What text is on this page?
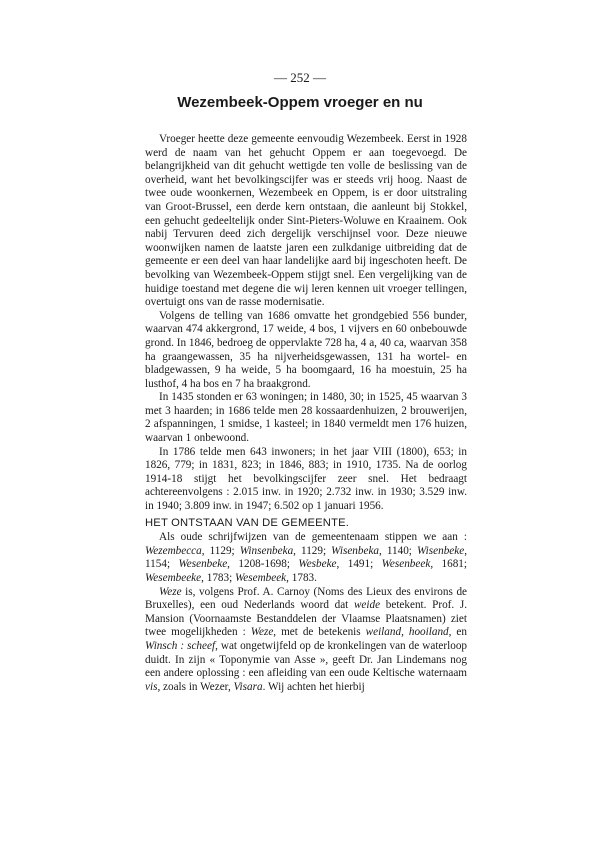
— 252 —
Wezembeek-Oppem vroeger en nu

Vroeger heette deze gemeente eenvoudig Wezembeek. Eerst in 1928 werd de naam van het gehucht Oppem er aan toegevoegd. De belangrijkheid van dit gehucht wettigde ten volle de beslissing van de overheid, want het bevolkingscijfer was er steeds vrij hoog. Naast de twee oude woonkernen, Wezembeek en Oppem, is er door uitstraling van Groot-Brussel, een derde kern ontstaan, die aanleunt bij Stokkel, een gehucht gedeeltelijk onder Sint-Pieters-Woluwe en Kraainem. Ook nabij Tervuren deed zich dergelijk verschijnsel voor. Deze nieuwe woonwijken namen de laatste jaren een zulkdanige uitbreiding dat de gemeente er een deel van haar landelijke aard bij ingeschoten heeft. De bevolking van Wezembeek-Oppem stijgt snel. Een vergelijking van de huidige toestand met degene die wij leren kennen uit vroeger tellingen, overtuigt ons van de rasse modernisatie.

Volgens de telling van 1686 omvatte het grondgebied 556 bunder, waarvan 474 akkergrond, 17 weide, 4 bos, 1 vijvers en 60 onbebouwde grond. In 1846, bedroeg de oppervlakte 728 ha, 4 a, 40 ca, waarvan 358 ha graangewassen, 35 ha nijverheidsgewassen, 131 ha wortel- en bladgewassen, 9 ha weide, 5 ha boomgaard, 16 ha moestuin, 25 ha lusthof, 4 ha bos en 7 ha braakgrond.

In 1435 stonden er 63 woningen; in 1480, 30; in 1525, 45 waarvan 3 met 3 haarden; in 1686 telde men 28 kossaardenhuizen, 2 brouwerijen, 2 afspanningen, 1 smidse, 1 kasteel; in 1840 vermeldt men 176 huizen, waarvan 1 onbewoond.

In 1786 telde men 643 inwoners; in het jaar VIII (1800), 653; in 1826, 779; in 1831, 823; in 1846, 883; in 1910, 1735. Na de oorlog 1914-18 stijgt het bevolkingscijfer zeer snel. Het bedraagt achtereenvolgens : 2.015 inw. in 1920; 2.732 inw. in 1930; 3.529 inw. in 1940; 3.809 inw. in 1947; 6.502 op 1 januari 1956.

HET ONTSTAAN VAN DE GEMEENTE.

Als oude schrijfwijzen van de gemeentenaam stippen we aan : Wezembecca, 1129; Winsenbeka, 1129; Wisenbeka, 1140; Wisenbeke, 1154; Wesenbeke, 1208-1698; Wesbeke, 1491; Wesenbeek, 1681; Wesembeeke, 1783; Wesembeek, 1783.

Weze is, volgens Prof. A. Carnoy (Noms des Lieux des environs de Bruxelles), een oud Nederlands woord dat weide betekent. Prof. J. Mansion (Voornaamste Bestanddelen der Vlaamse Plaatsnamen) ziet twee mogelijkheden : Weze, met de betekenis weiland, hooiland, en Winsch : scheef, wat ongetwijfeld op de kronkelingen van de waterloop duidt. In zijn « Toponymie van Asse », geeft Dr. Jan Lindemans nog een andere oplossing : een afleiding van een oude Keltische waternaam vis, zoals in Wezer, Visara. Wij achten het hierbij
